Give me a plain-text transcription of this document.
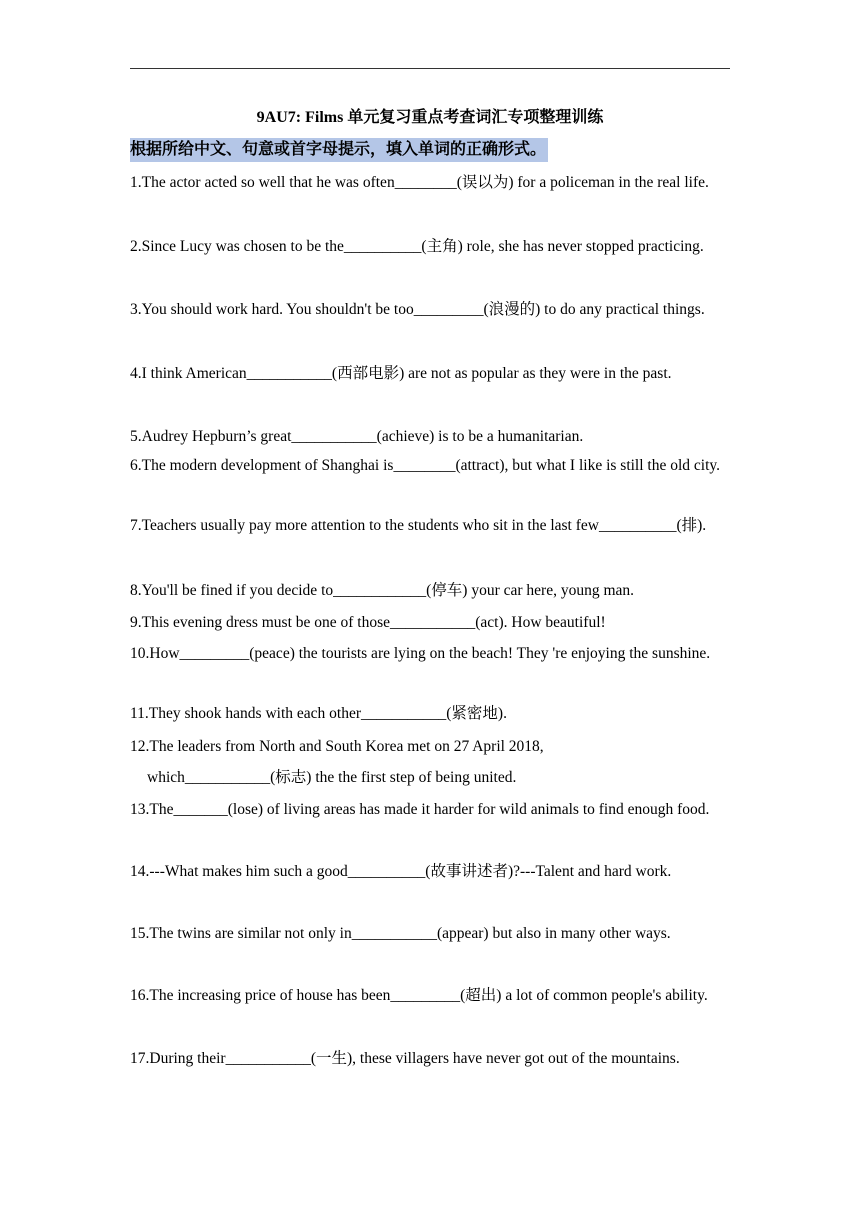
9AU7: Films 单元复习重点考查词汇专项整理训练
根据所给中文、句意或首字母提示，填入单词的正确形式。
1.The actor acted so well that he was often________(误以为) for a policeman in the real life.
2.Since Lucy was chosen to be the__________(主角) role, she has never stopped practicing.
3.You should work hard. You shouldn't be too_________(浪漫的) to do any practical things.
4.I think American___________(西部电影) are not as popular as they were in the past.
5.Audrey Hepburn’s great___________(achieve) is to be a humanitarian.
6.The modern development of Shanghai is________(attract), but what I like is still the old city.
7.Teachers usually pay more attention to the students who sit in the last few__________(排).
8.You'll be fined if you decide to____________(停车) your car here, young man.
9.This evening dress must be one of those___________(act). How beautiful!
10.How_________(peace) the tourists are lying on the beach! They 're enjoying the sunshine.
11.They shook hands with each other___________(紧密地).

12.The leaders from North and South Korea met on 27 April 2018,

which___________(标志) the the first step of being united.

13.The_______(lose) of living areas has made it harder for wild animals to find enough food.
14.---What makes him such a good__________(故事讲述者)?---Talent and hard work.
15.The twins are similar not only in___________(appear) but also in many other ways.
16.The increasing price of house has been_________(超出) a lot of common people's ability.
17.During their___________(一生), these villagers have never got out of the mountains.
